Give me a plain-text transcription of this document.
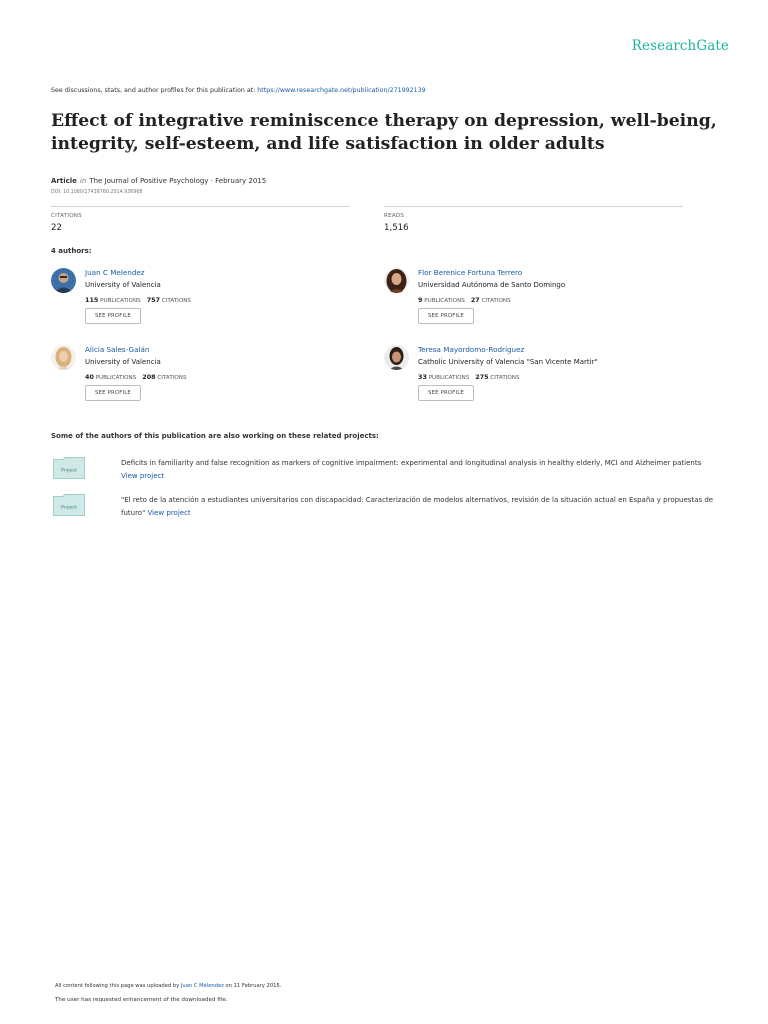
ResearchGate
See discussions, stats, and author profiles for this publication at: https://www.researchgate.net/publication/271992139
Effect of integrative reminiscence therapy on depression, well-being, integrity, self-esteem, and life satisfaction in older adults
Article in The Journal of Positive Psychology · February 2015
DOI: 10.1080/17439760.2014.936968
CITATIONS
22
READS
1,516
4 authors:
Juan C Melendez
University of Valencia
115 PUBLICATIONS 757 CITATIONS
SEE PROFILE
Flor Berenice Fortuna Terrero
Universidad Autónoma de Santo Domingo
9 PUBLICATIONS 27 CITATIONS
SEE PROFILE
Alicia Sales-Galán
University of Valencia
40 PUBLICATIONS 208 CITATIONS
SEE PROFILE
Teresa Mayordomo-Rodríguez
Catholic University of Valencia "San Vicente Martir"
33 PUBLICATIONS 275 CITATIONS
SEE PROFILE
Some of the authors of this publication are also working on these related projects:
Project
Deficits in familiarity and false recognition as markers of cognitive impairment: experimental and longitudinal analysis in healthy elderly, MCI and Alzheimer patients
View project
Project
"El reto de la atención a estudiantes universitarios con discapacidad: Caracterización de modelos alternativos, revisión de la situación actual en España y propuestas de futuro" View project
All content following this page was uploaded by Juan C Melendez on 11 February 2015.
The user has requested enhancement of the downloaded file.
